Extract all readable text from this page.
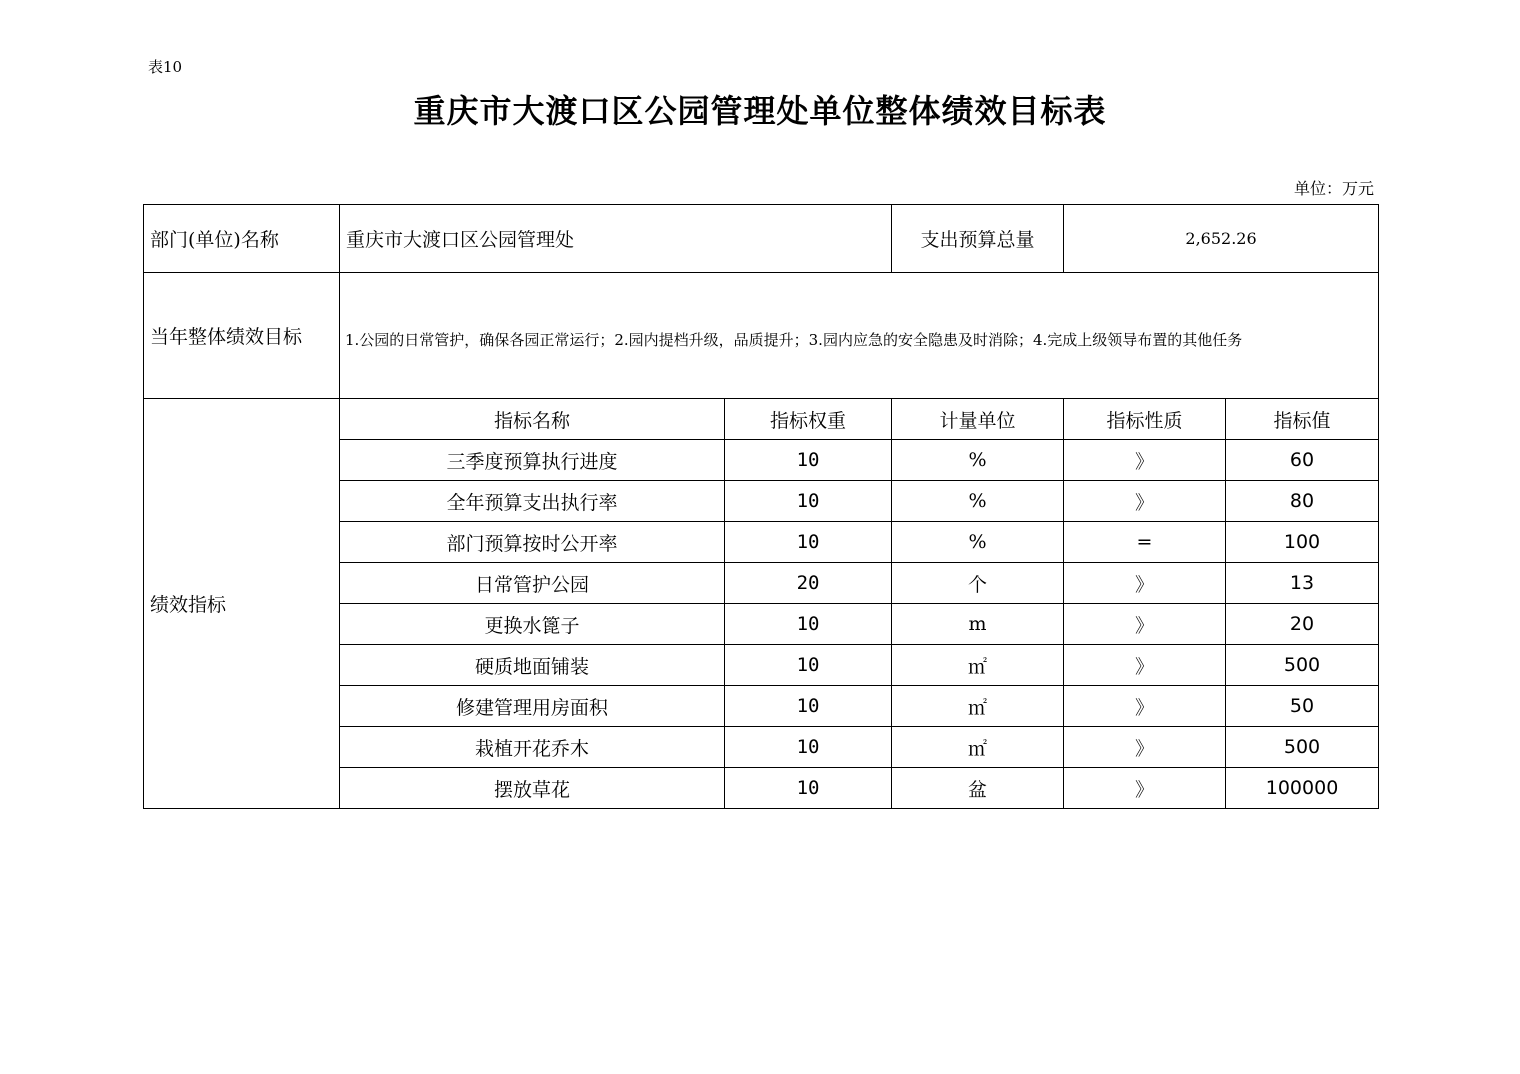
表10
重庆市大渡口区公园管理处单位整体绩效目标表
单位：万元
部门(单位)名称	重庆市大渡口区公园管理处		支出预算总量	2,652.26	
当年整体绩效目标	1.公园的日常管护，确保各园正常运行；2.园内提档升级，品质提升；3.园内应急的安全隐患及时消除；4.完成上级领导布置的其他任务				
绩效指标	指标名称	指标权重	计量单位	指标性质	指标值
	三季度预算执行进度	10	%	》	60
	全年预算支出执行率	10	%	》	80
	部门预算按时公开率	10	%	=	100
	日常管护公园	20	个	》	13
	更换水篦子	10	m	》	20
	硬质地面铺装	10	㎡	》	500
	修建管理用房面积	10	㎡	》	50
	栽植开花乔木	10	㎡	》	500
	摆放草花	10	盆	》	100000
